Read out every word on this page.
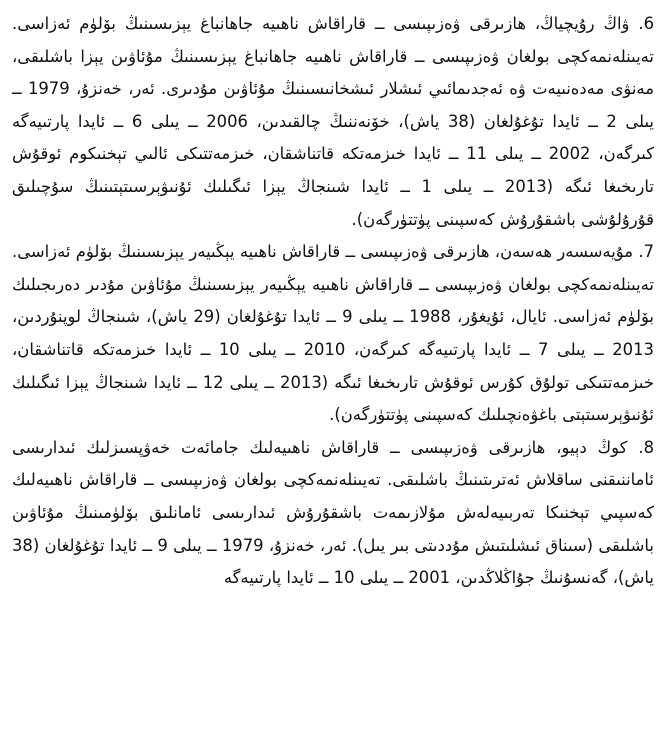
6. ۋاڭ رۇيچياڭ، ھازىرقى ۋەزىپىسى ــ قاراقاش ناھىيە جاھانباغ يېزىسىنىڭ بۆلۈم ئەزاسى. تەيىنلەنمەكچى بولغان ۋەزىپىسى ــ قاراقاش ناھىيە جاھانباغ يېزىسىنىڭ مۇئاۋىن يېزا باشلىقى، مەنۋى مەدەنىيەت ۋە ئەجدىمائىي ئىشلار ئىشخانىسىنىڭ مۇئاۋىن مۇدىرى. ئەر، خەنزۇ، 1979 ــ يىلى 2 ــ ئايدا تۇغۇلغان (38 ياش)، خۆنەننىڭ چالقىدىن، 2006 ــ يىلى 6 ــ ئايدا پارتىيەگە كىرگەن، 2002 ــ يىلى 11 ــ ئايدا خىزمەتكە قاتناشقان، خىزمەتتىكى ئالىي تېخنىكوم ئوقۇش تارىخىغا ئىگە (2013 ــ يىلى 1 ــ ئايدا شىنجاڭ يېزا ئىگىلىك ئۇنىۋېرسىتېتىنىڭ سۇچىلىق قۇرۇلۇشى باشقۇرۇش كەسپىنى پۈتتۈرگەن).

7. مۇيەسسەر ھەسەن، ھازىرقى ۋەزىپىسى ــ قاراقاش ناھىيە يېڭىيەر يېزىسىنىڭ بۆلۈم ئەزاسى. تەيىنلەنمەكچى بولغان ۋەزىپىسى ــ قاراقاش ناھىيە يېڭىيەر يېزىسىنىڭ مۇئاۋىن مۇدىر دەرىجىلىك بۆلۈم ئەزاسى. ئايال، ئۇيغۇر، 1988 ــ يىلى 9 ــ ئايدا تۇغۇلغان (29 ياش)، شىنجاڭ لوپنۇردىن، 2013 ــ يىلى 7 ــ ئايدا پارتىيەگە كىرگەن، 2010 ــ يىلى 10 ــ ئايدا خىزمەتكە قاتناشقان، خىزمەتتىكى تولۇق كۇرس ئوقۇش تارىخىغا ئىگە (2013 ــ يىلى 12 ــ ئايدا شىنجاڭ يېزا ئىگىلىك ئۇنىۋېرسىتېتى باغۋەنچىلىك كەسپىنى پۈتتۈرگەن).

8. كوڭ دېيو، ھازىرقى ۋەزىپىسى ــ قاراقاش ناھىيەلىك جامائەت خەۋپسىزلىك ئىدارىسى ئاماننىقنى ساقلاش ئەترىتىنىڭ باشلىقى. تەيىنلەنمەكچى بولغان ۋەزىپىسى ــ قاراقاش ناھىيەلىك كەسپىي تېخنىكا تەربىيەلەش مۇلازىمەت باشقۇرۇش ئىدارىسى ئامانلىق بۆلۈمىنىڭ مۇئاۋىن باشلىقى (سىناق ئىشلىتىش مۇددىتى بىر يىل). ئەر، خەنزۇ، 1979 ــ يىلى 9 ــ ئايدا تۇغۇلغان (38 ياش)، گەنسۇنىڭ جۇاڭلاڭدىن، 2001 ــ يىلى 10 ــ ئايدا پارتىيەگە
